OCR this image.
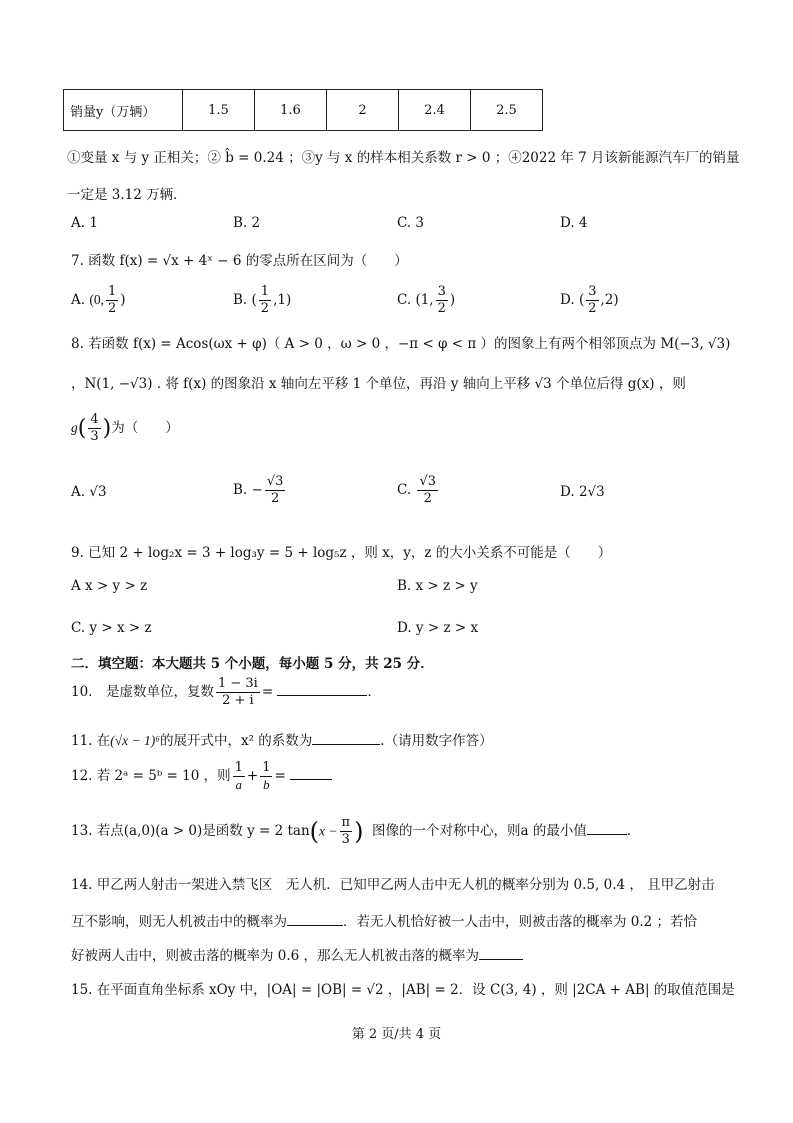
销量y（万辆）	1.5	1.6	2	2.4	2.5
①变量 x 与 y 正相关；② b̂ = 0.24 ；③y 与 x 的样本相关系数 r > 0 ；④2022 年 7 月该新能源汽车厂的销量
一定是 3.12 万辆．
A. 1	B. 2	C. 3	D. 4
7. 函数 f(x) = √x + 4ˣ − 6 的零点所在区间为（　　）
A. (0, $\frac{1}{2}$ )	B. ( $\frac{1}{2} ,1$)	C. (1, $\frac{3}{2}$ )	D. ( $\frac{3}{2} ,2$)
8. 若函数 f(x) = Acos(ωx + φ)（ A > 0 ，ω > 0 ，−π < φ < π ）的图象上有两个相邻顶点为 M(−3, √3)
，N(1, −√3) . 将 f(x) 的图象沿 x 轴向左平移 1 个单位，再沿 y 轴向上平移 √3 个单位后得 g(x) ，则
$g( \frac{4}{3}$ )为（　　）
A. √3	B. − $\frac{√3}{2}$	C. $\frac{√3}{2}$	D. 2√3
9. 已知 2 + log₂x = 3 + log₃y = 5 + log₅z ，则 x，y，z 的大小关系不可能是（　　）
A x > y > z	B. x > z > y
C. y > x > z	D. y > z > x
二．填空题：本大题共 5 个小题，每小题 5 分，共 25 分．
10.　是虚数单位，复数 $\frac{1 - 3i}{2 + i}$ =	．
11. 在(√x − 1)⁶的展开式中，x² 的系数为	.（请用数字作答）
12. 若 2ᵃ = 5ᵇ = 10 ，则 $\frac{1}{a} + \frac{1}{b}$ =
13. 若点(a,0)(a > 0)是函数 y = 2 $\tan(x - \frac{\pi}{3}$ ) 图像的一个对称中心，则a 的最小值	．
14. 甲乙两人射击一架进入禁飞区　无人机．已知甲乙两人击中无人机的概率分别为 0.5, 0.4 ， 且甲乙射击
互不影响，则无人机被击中的概率为	．若无人机恰好被一人击中，则被击落的概率为 0.2 ；若恰
好被两人击中，则被击落的概率为 0.6 ，那么无人机被击落的概率为
15. 在平面直角坐标系 xOy 中，|OA| = |OB| = √2 ，|AB| = 2．设 C(3, 4) ，则 |2CA + AB| 的取值范围是
第 2 页/共 4 页
